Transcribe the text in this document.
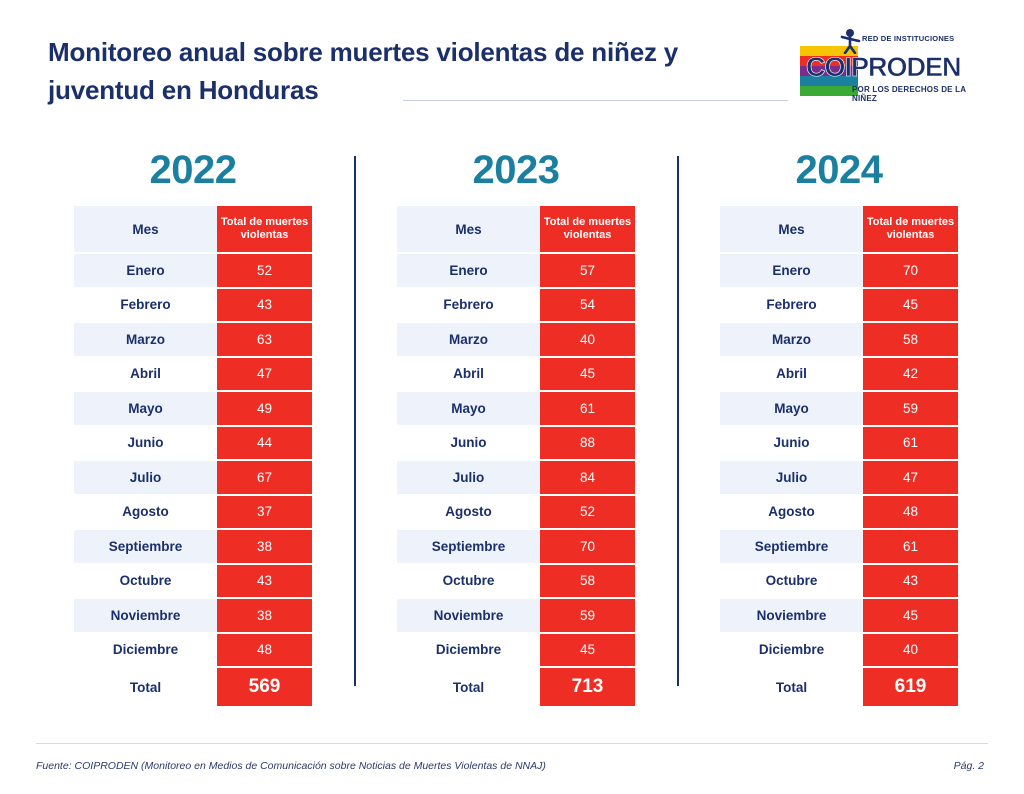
Monitoreo anual sobre muertes violentas de niñez y juventud en Honduras
RED DE INSTITUCIONES
COIPRODEN
POR LOS DERECHOS DE LA NIÑEZ
2022
Mes	Total de muertes violentas
Enero	52
Febrero	43
Marzo	63
Abril	47
Mayo	49
Junio	44
Julio	67
Agosto	37
Septiembre	38
Octubre	43
Noviembre	38
Diciembre	48
Total	569
2023
Mes	Total de muertes violentas
Enero	57
Febrero	54
Marzo	40
Abril	45
Mayo	61
Junio	88
Julio	84
Agosto	52
Septiembre	70
Octubre	58
Noviembre	59
Diciembre	45
Total	713
2024
Mes	Total de muertes violentas
Enero	70
Febrero	45
Marzo	58
Abril	42
Mayo	59
Junio	61
Julio	47
Agosto	48
Septiembre	61
Octubre	43
Noviembre	45
Diciembre	40
Total	619
Fuente: COIPRODEN (Monitoreo en Medios de Comunicación sobre Noticias de Muertes Violentas de NNAJ)	Pág. 2
